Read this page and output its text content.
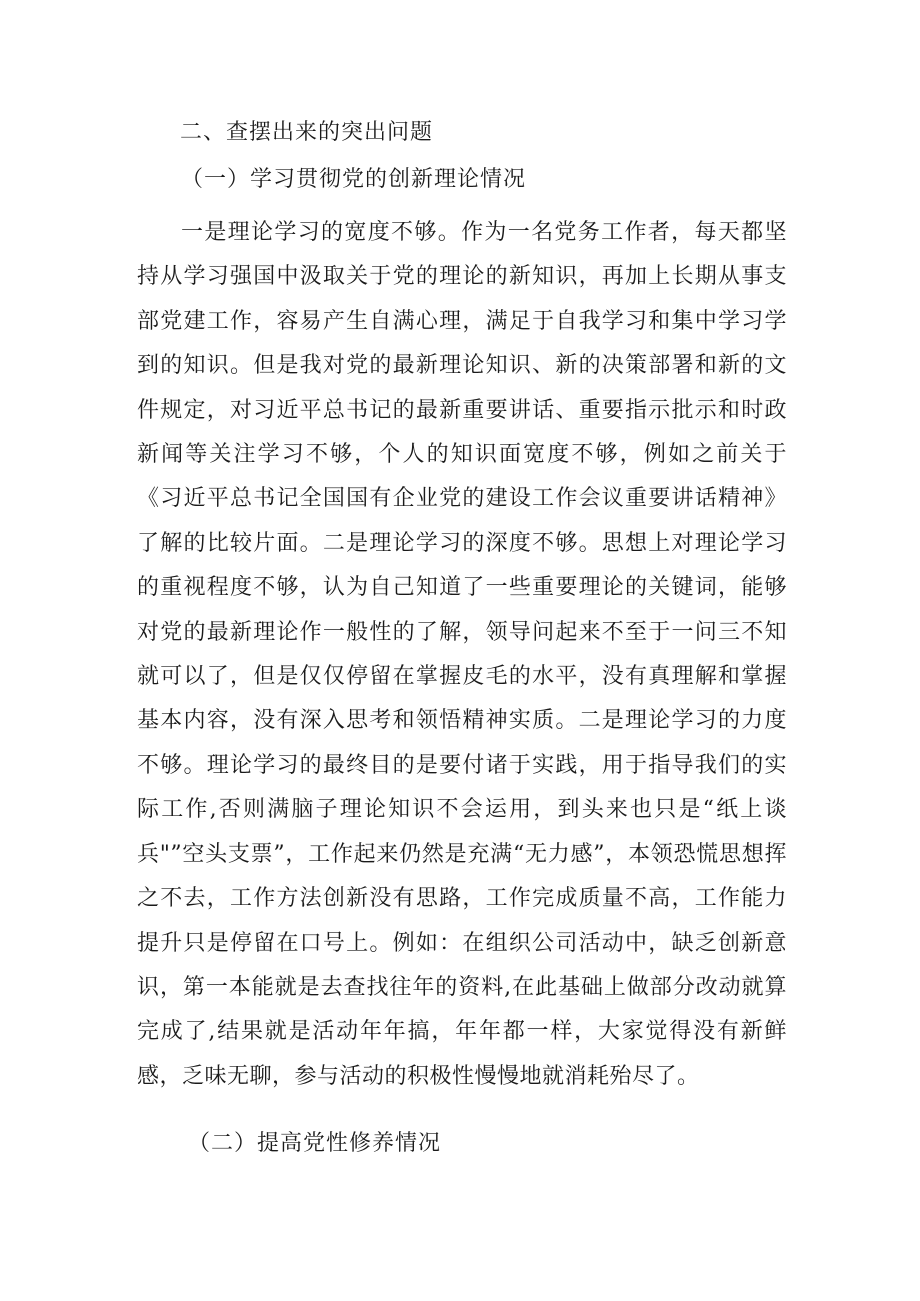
二、查摆出来的突出问题
（一）学习贯彻党的创新理论情况

一是理论学习的宽度不够。作为一名党务工作者，每天都坚持从学习强国中汲取关于党的理论的新知识，再加上长期从事支部党建工作，容易产生自满心理，满足于自我学习和集中学习学到的知识。但是我对党的最新理论知识、新的决策部署和新的文件规定，对习近平总书记的最新重要讲话、重要指示批示和时政新闻等关注学习不够，个人的知识面宽度不够，例如之前关于《习近平总书记全国国有企业党的建设工作会议重要讲话精神》了解的比较片面。二是理论学习的深度不够。思想上对理论学习的重视程度不够，认为自己知道了一些重要理论的关键词，能够对党的最新理论作一般性的了解，领导问起来不至于一问三不知就可以了，但是仅仅停留在掌握皮毛的水平，没有真理解和掌握基本内容，没有深入思考和领悟精神实质。二是理论学习的力度不够。理论学习的最终目的是要付诸于实践，用于指导我们的实际工作,否则满脑子理论知识不会运用，到头来也只是“纸上谈兵"”空头支票”，工作起来仍然是充满“无力感”，本领恐慌思想挥之不去，工作方法创新没有思路，工作完成质量不高，工作能力提升只是停留在口号上。例如：在组织公司活动中，缺乏创新意识，第一本能就是去查找往年的资料,在此基础上做部分改动就算完成了,结果就是活动年年搞，年年都一样，大家觉得没有新鲜感，乏味无聊，参与活动的积极性慢慢地就消耗殆尽了。

（二）提高党性修养情况
